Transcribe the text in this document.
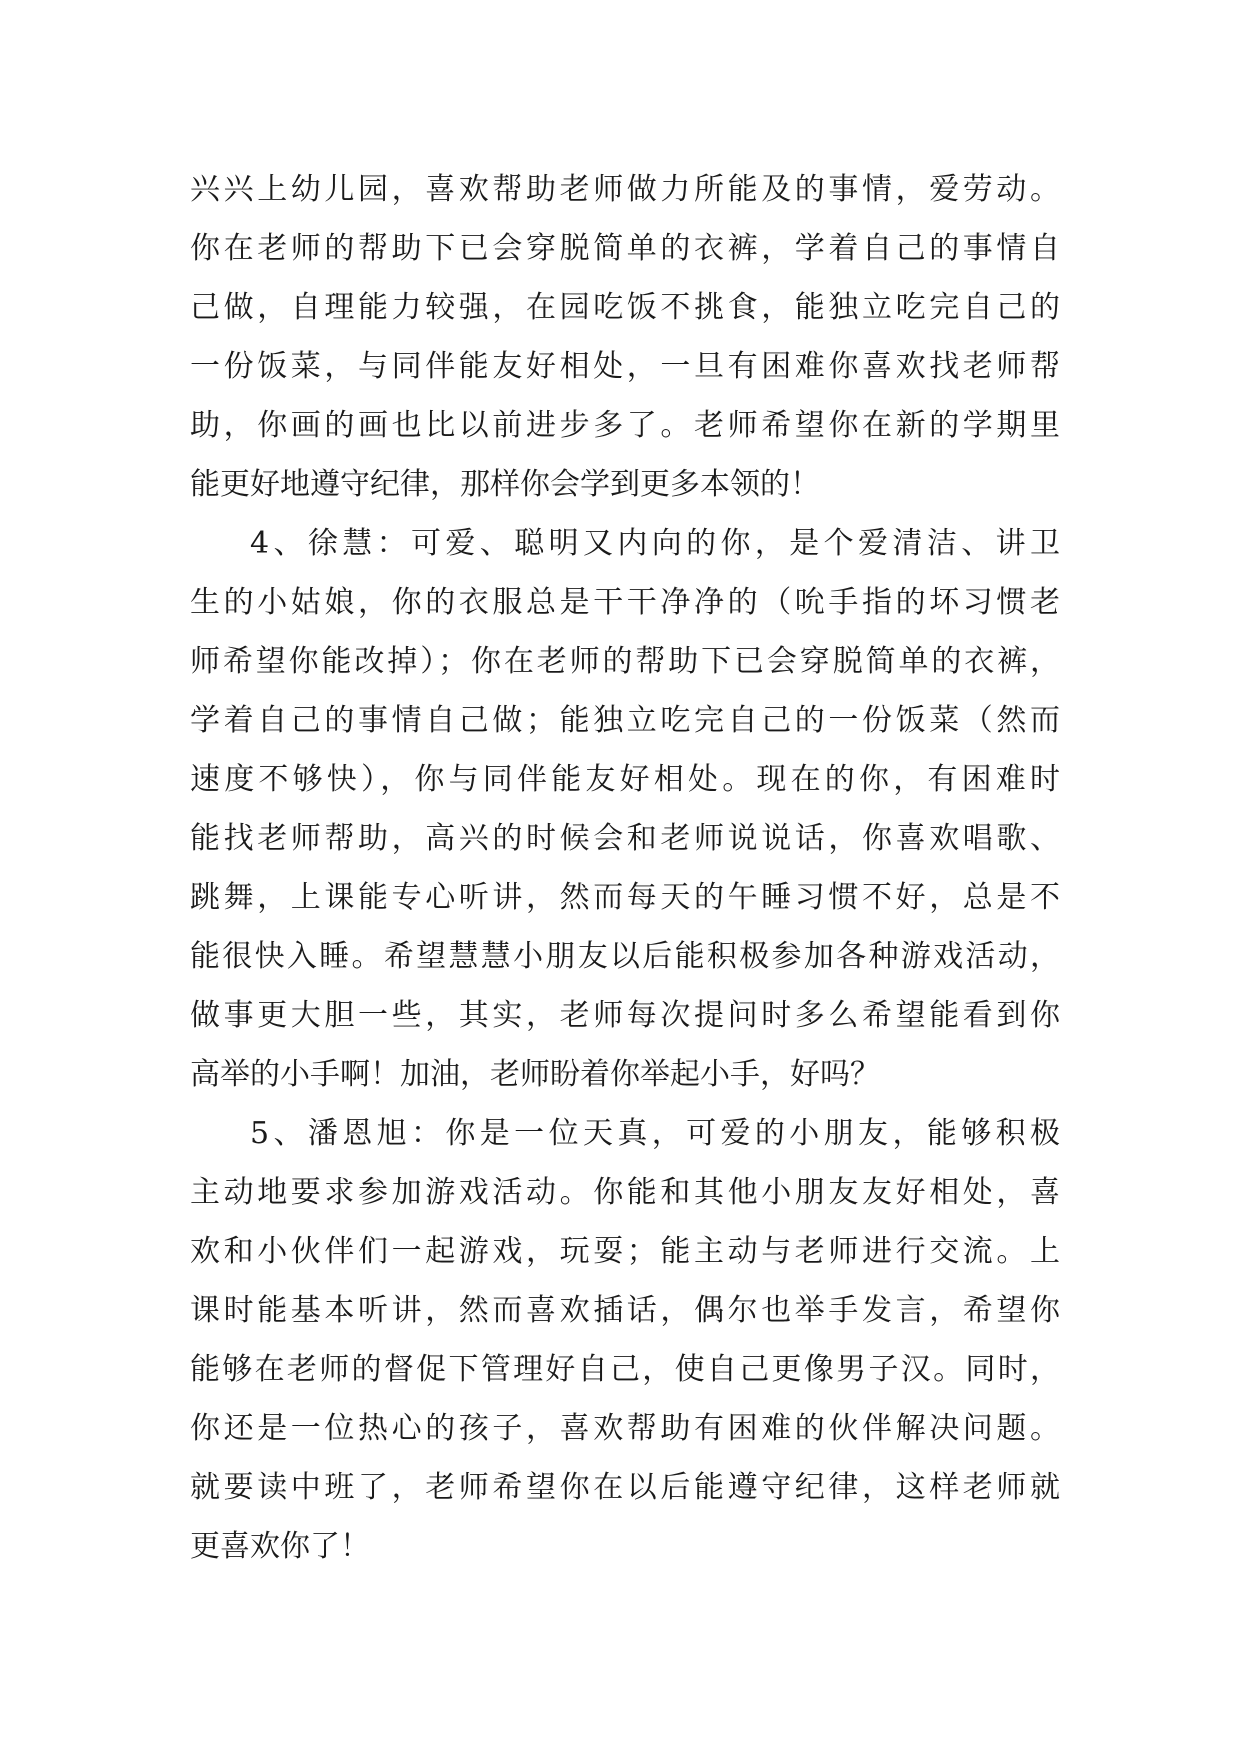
兴兴上幼儿园，喜欢帮助老师做力所能及的事情，爱劳动。
你在老师的帮助下已会穿脱简单的衣裤，学着自己的事情自
己做，自理能力较强，在园吃饭不挑食，能独立吃完自己的
一份饭菜，与同伴能友好相处，一旦有困难你喜欢找老师帮
助，你画的画也比以前进步多了。老师希望你在新的学期里
能更好地遵守纪律，那样你会学到更多本领的！
4、徐慧：可爱、聪明又内向的你，是个爱清洁、讲卫
生的小姑娘，你的衣服总是干干净净的（吮手指的坏习惯老
师希望你能改掉）；你在老师的帮助下已会穿脱简单的衣裤，
学着自己的事情自己做；能独立吃完自己的一份饭菜（然而
速度不够快），你与同伴能友好相处。现在的你，有困难时
能找老师帮助，高兴的时候会和老师说说话，你喜欢唱歌、
跳舞，上课能专心听讲，然而每天的午睡习惯不好，总是不
能很快入睡。希望慧慧小朋友以后能积极参加各种游戏活动，
做事更大胆一些，其实，老师每次提问时多么希望能看到你
高举的小手啊！加油，老师盼着你举起小手，好吗？
5、潘恩旭：你是一位天真，可爱的小朋友，能够积极
主动地要求参加游戏活动。你能和其他小朋友友好相处，喜
欢和小伙伴们一起游戏，玩耍；能主动与老师进行交流。上
课时能基本听讲，然而喜欢插话，偶尔也举手发言，希望你
能够在老师的督促下管理好自己，使自己更像男子汉。同时，
你还是一位热心的孩子，喜欢帮助有困难的伙伴解决问题。
就要读中班了，老师希望你在以后能遵守纪律，这样老师就
更喜欢你了！
